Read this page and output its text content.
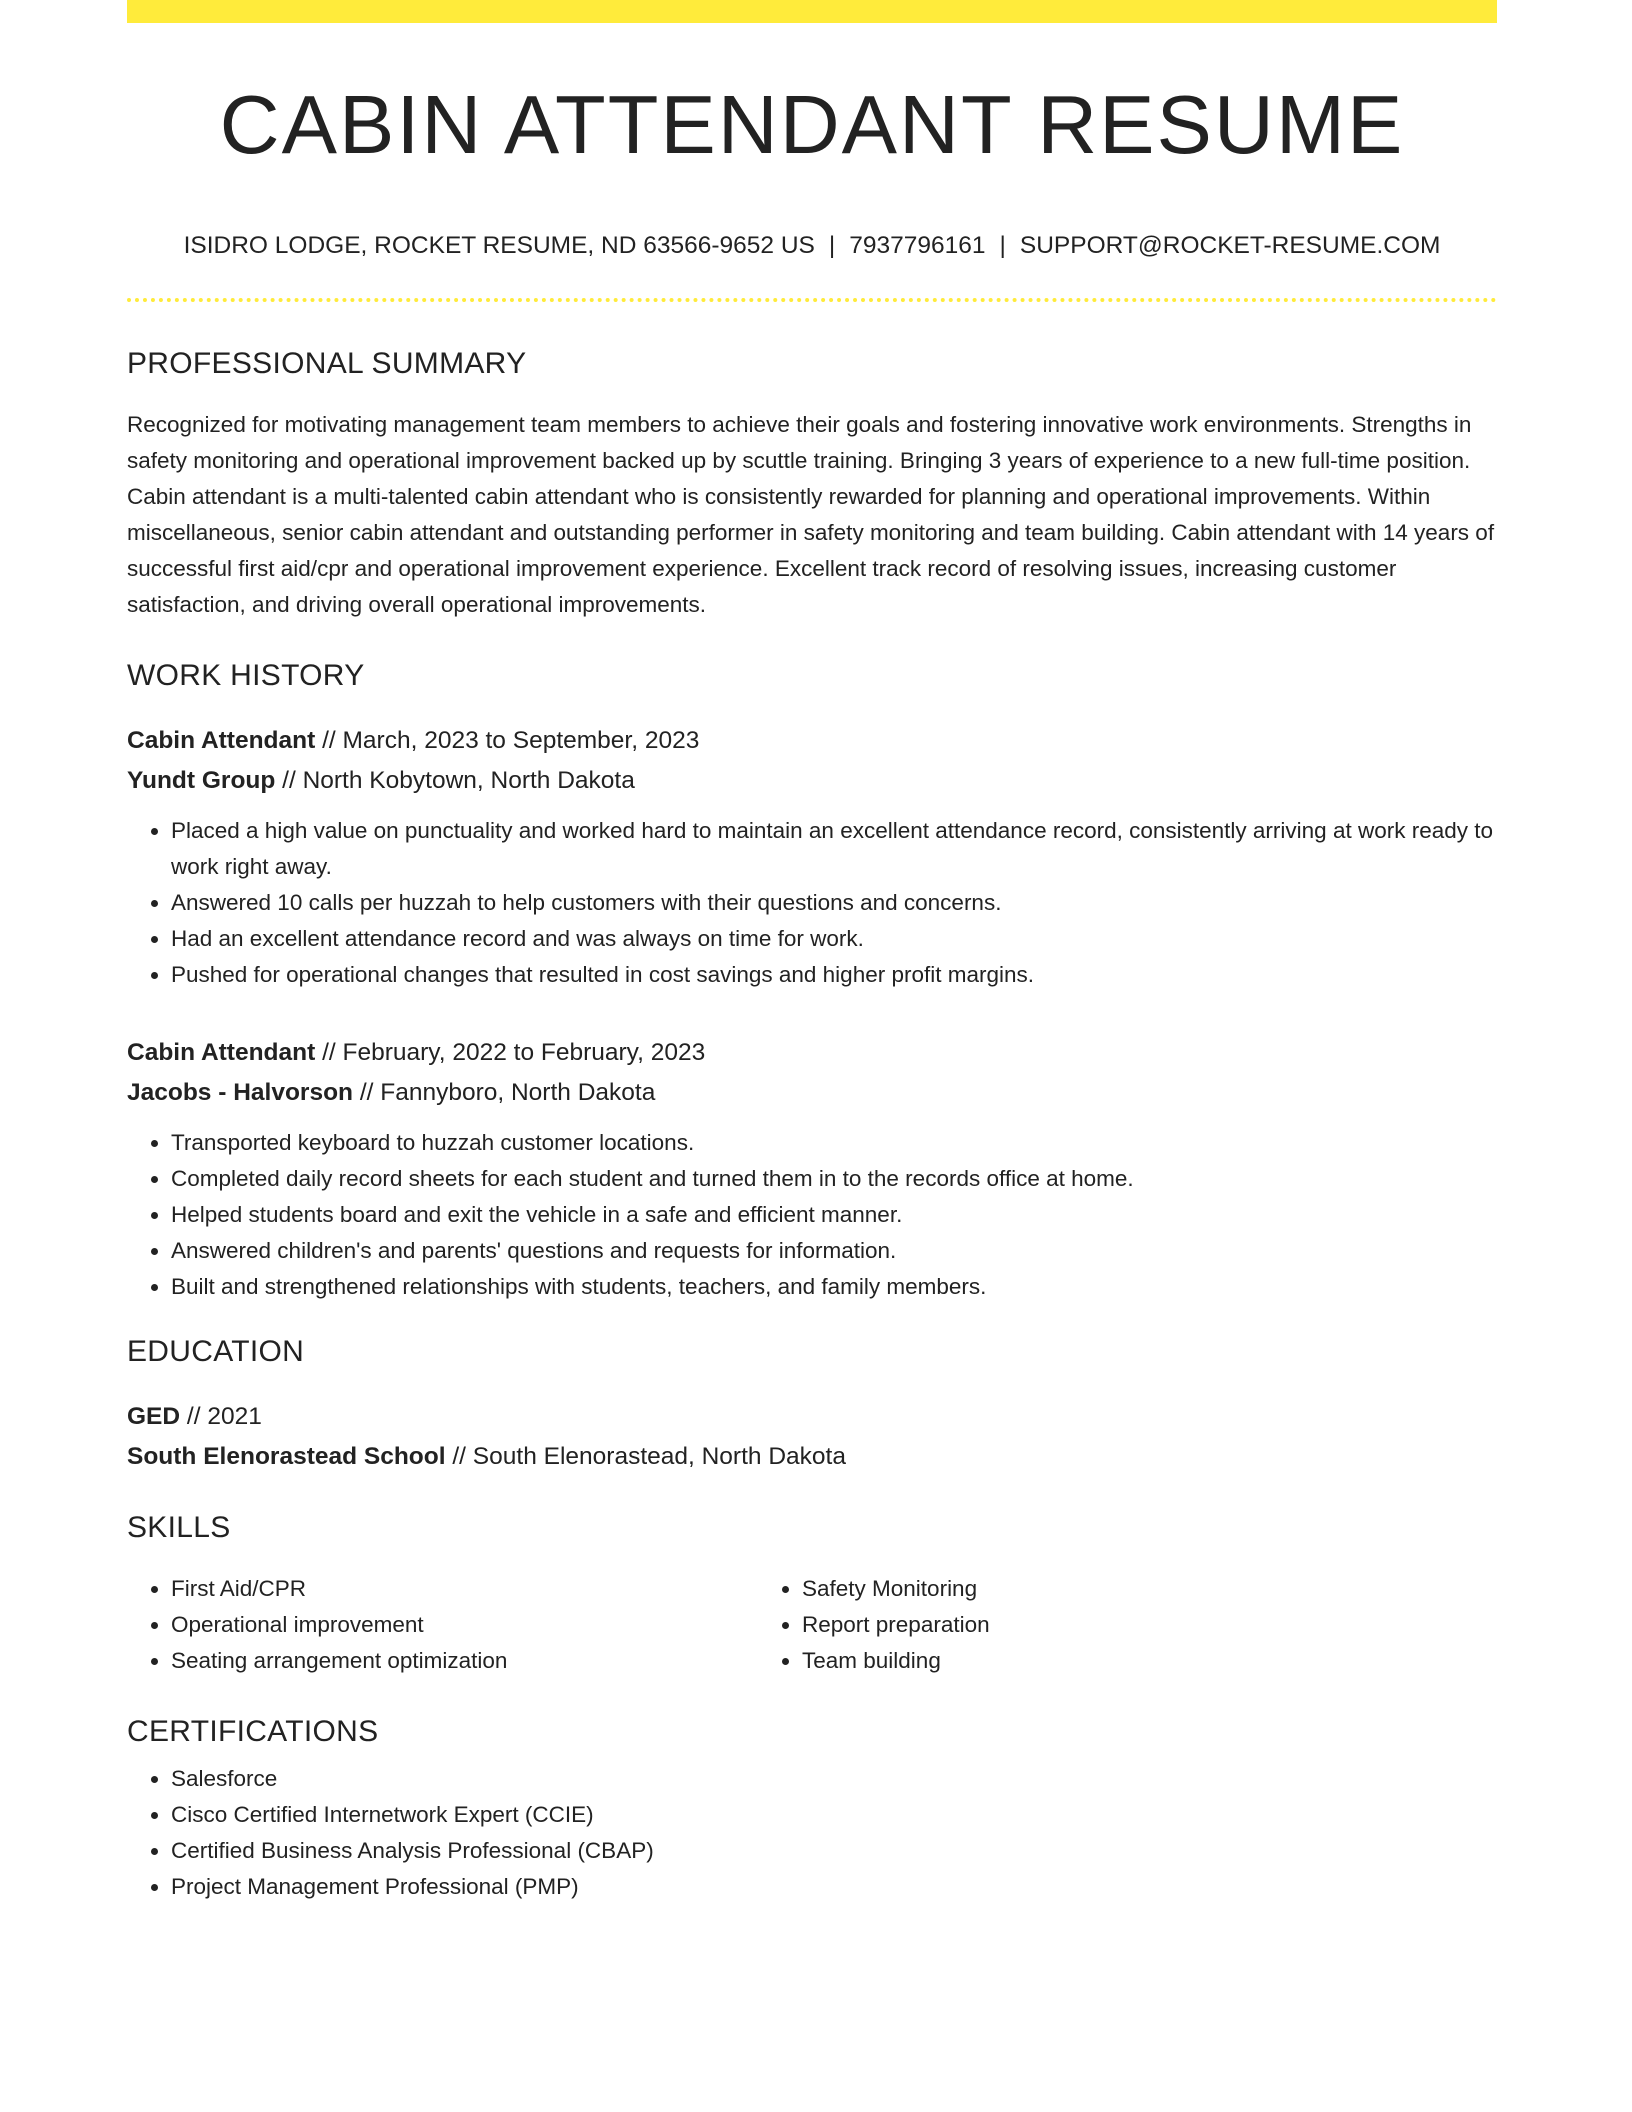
CABIN ATTENDANT RESUME
ISIDRO LODGE, ROCKET RESUME, ND 63566-9652 US | 7937796161 | SUPPORT@ROCKET-RESUME.COM
PROFESSIONAL SUMMARY

Recognized for motivating management team members to achieve their goals and fostering innovative work environments. Strengths in safety monitoring and operational improvement backed up by scuttle training. Bringing 3 years of experience to a new full-time position. Cabin attendant is a multi-talented cabin attendant who is consistently rewarded for planning and operational improvements. Within miscellaneous, senior cabin attendant and outstanding performer in safety monitoring and team building. Cabin attendant with 14 years of successful first aid/cpr and operational improvement experience. Excellent track record of resolving issues, increasing customer satisfaction, and driving overall operational improvements.

WORK HISTORY
Cabin Attendant // March, 2023 to September, 2023
Yundt Group // North Kobytown, North Dakota
• Placed a high value on punctuality and worked hard to maintain an excellent attendance record, consistently arriving at work ready to work right away.
• Answered 10 calls per huzzah to help customers with their questions and concerns.
• Had an excellent attendance record and was always on time for work.
• Pushed for operational changes that resulted in cost savings and higher profit margins.
Cabin Attendant // February, 2022 to February, 2023
Jacobs - Halvorson // Fannyboro, North Dakota
• Transported keyboard to huzzah customer locations.
• Completed daily record sheets for each student and turned them in to the records office at home.
• Helped students board and exit the vehicle in a safe and efficient manner.
• Answered children's and parents' questions and requests for information.
• Built and strengthened relationships with students, teachers, and family members.
EDUCATION
GED // 2021
South Elenorastead School // South Elenorastead, North Dakota
SKILLS
• First Aid/CPR
• Operational improvement
• Seating arrangement optimization
• Safety Monitoring
• Report preparation
• Team building
CERTIFICATIONS
• Salesforce
• Cisco Certified Internetwork Expert (CCIE)
• Certified Business Analysis Professional (CBAP)
• Project Management Professional (PMP)
